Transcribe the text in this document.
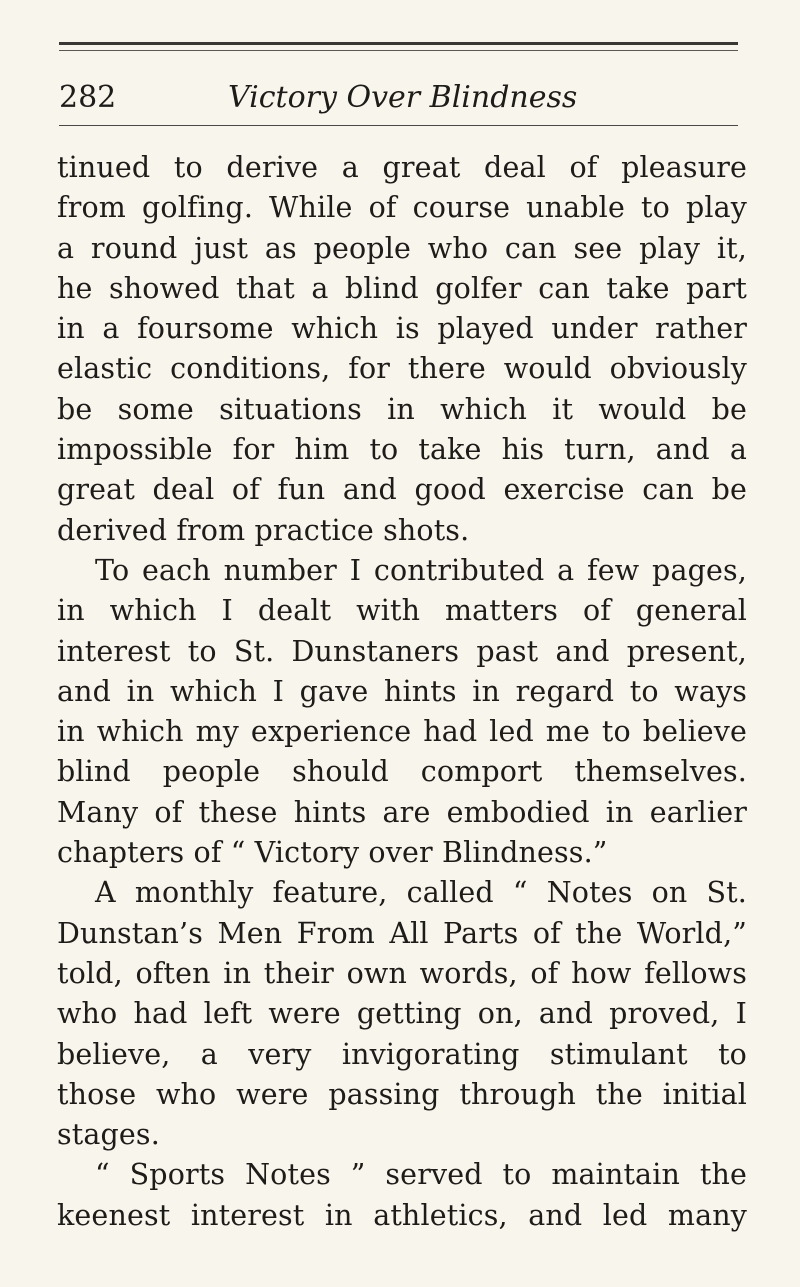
282	Victory Over Blindness
tinued to derive a great deal of pleasure
from golfing. While of course unable to play
a round just as people who can see play it,
he showed that a blind golfer can take part
in a foursome which is played under rather
elastic conditions, for there would obviously
be some situations in which it would be
impossible for him to take his turn, and a
great deal of fun and good exercise can be
derived from practice shots.
To each number I contributed a few pages,
in which I dealt with matters of general
interest to St. Dunstaners past and present,
and in which I gave hints in regard to ways
in which my experience had led me to believe
blind people should comport themselves.
Many of these hints are embodied in earlier
chapters of “ Victory over Blindness.”
A monthly feature, called “ Notes on St.
Dunstan’s Men From All Parts of the World,”
told, often in their own words, of how fellows
who had left were getting on, and proved, I
believe, a very invigorating stimulant to
those who were passing through the initial
stages.
“ Sports Notes ” served to maintain the
keenest interest in athletics, and led many
